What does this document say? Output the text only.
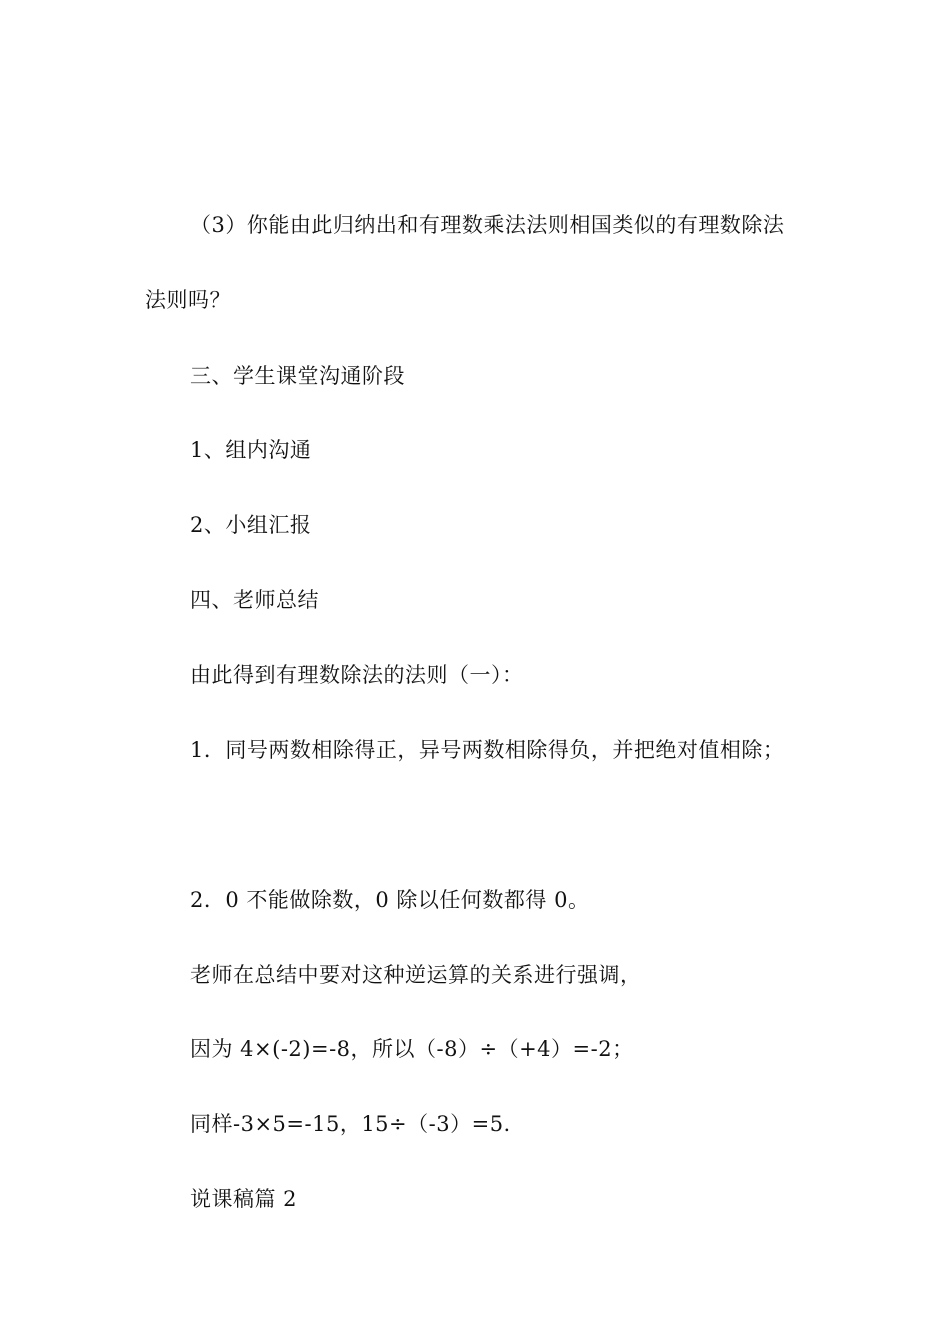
（3）你能由此归纳出和有理数乘法法则相国类似的有理数除法
法则吗？
三、学生课堂沟通阶段
1、组内沟通
2、小组汇报
四、老师总结
由此得到有理数除法的法则（一）：
1．同号两数相除得正，异号两数相除得负，并把绝对值相除；
2．0 不能做除数，0 除以任何数都得 0。
老师在总结中要对这种逆运算的关系进行强调，
因为 4×(-2)=-8，所以（-8）÷（+4）=-2；
同样-3×5=-15，15÷（-3）=5.
说课稿篇 2
